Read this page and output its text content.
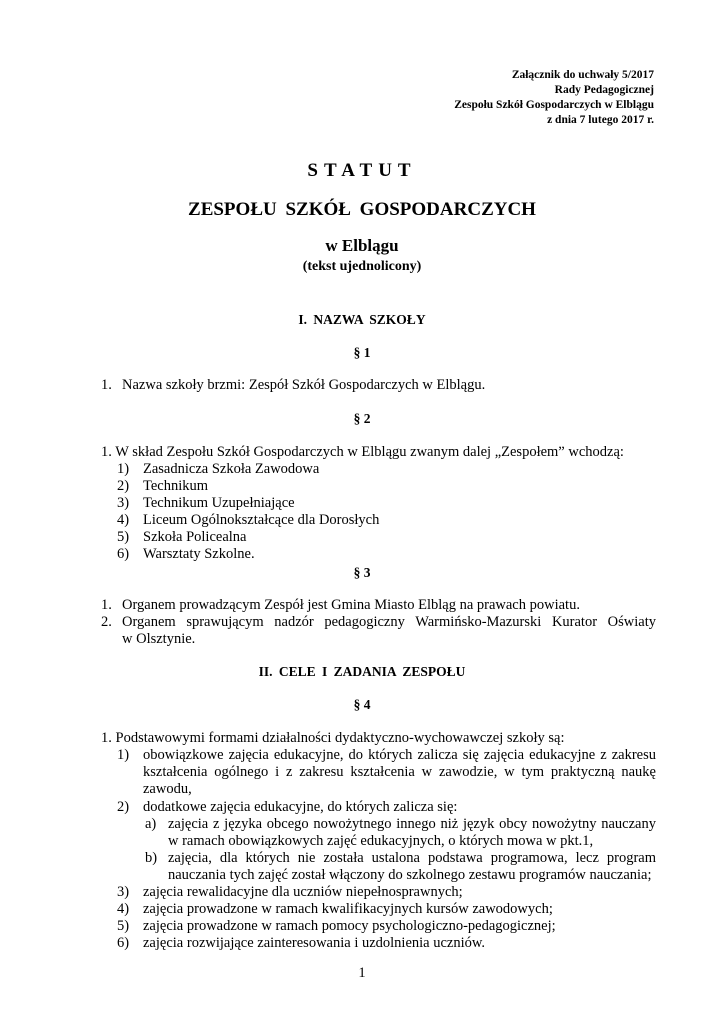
Załącznik do uchwały 5/2017
Rady Pedagogicznej
Zespołu Szkół Gospodarczych w Elblągu
z dnia 7 lutego 2017 r.
STATUT
ZESPOŁU SZKÓŁ GOSPODARCZYCH
w Elblągu
(tekst ujednolicony)
I. NAZWA SZKOŁY
§ 1
1. Nazwa szkoły brzmi: Zespół Szkół Gospodarczych w Elblągu.
§ 2
1. W skład Zespołu Szkół Gospodarczych w Elblągu zwanym dalej „Zespołem” wchodzą:
1) Zasadnicza Szkoła Zawodowa
2) Technikum
3) Technikum Uzupełniające
4) Liceum Ogólnokształcące dla Dorosłych
5) Szkoła Policealna
6) Warsztaty Szkolne.
§ 3
1. Organem prowadzącym Zespół jest Gmina Miasto Elbląg na prawach powiatu.
2. Organem sprawującym nadzór pedagogiczny Warmińsko-Mazurski Kurator Oświaty
w Olsztynie.
II. CELE I ZADANIA ZESPOŁU
§ 4
1. Podstawowymi formami działalności dydaktyczno-wychowawczej szkoły są:
1) obowiązkowe zajęcia edukacyjne, do których zalicza się zajęcia edukacyjne z zakresu
kształcenia ogólnego i z zakresu kształcenia w zawodzie, w tym praktyczną naukę
zawodu,
2) dodatkowe zajęcia edukacyjne, do których zalicza się:
a) zajęcia z języka obcego nowożytnego innego niż język obcy nowożytny nauczany
w ramach obowiązkowych zajęć edukacyjnych, o których mowa w pkt.1,
b) zajęcia, dla których nie została ustalona podstawa programowa, lecz program
nauczania tych zajęć został włączony do szkolnego zestawu programów nauczania;
3) zajęcia rewalidacyjne dla uczniów niepełnosprawnych;
4) zajęcia prowadzone w ramach kwalifikacyjnych kursów zawodowych;
5) zajęcia prowadzone w ramach pomocy psychologiczno-pedagogicznej;
6) zajęcia rozwijające zainteresowania i uzdolnienia uczniów.
1
